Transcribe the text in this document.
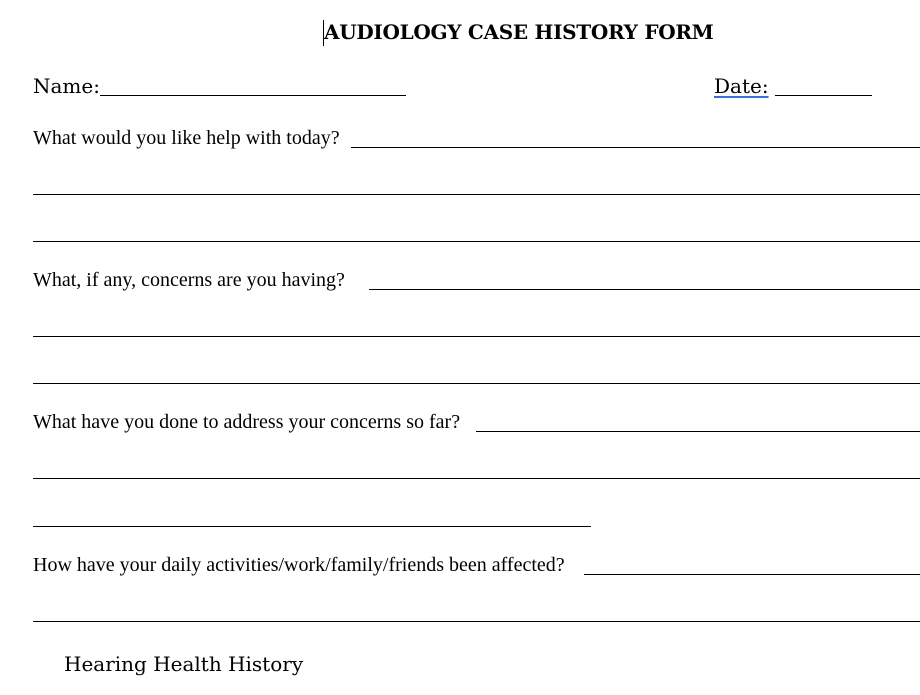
AUDIOLOGY CASE HISTORY FORM
Name:	Date:
What would you like help with today?
What, if any, concerns are you having?
What have you done to address your concerns so far?
How have your daily activities/work/family/friends been affected?
Hearing Health History
